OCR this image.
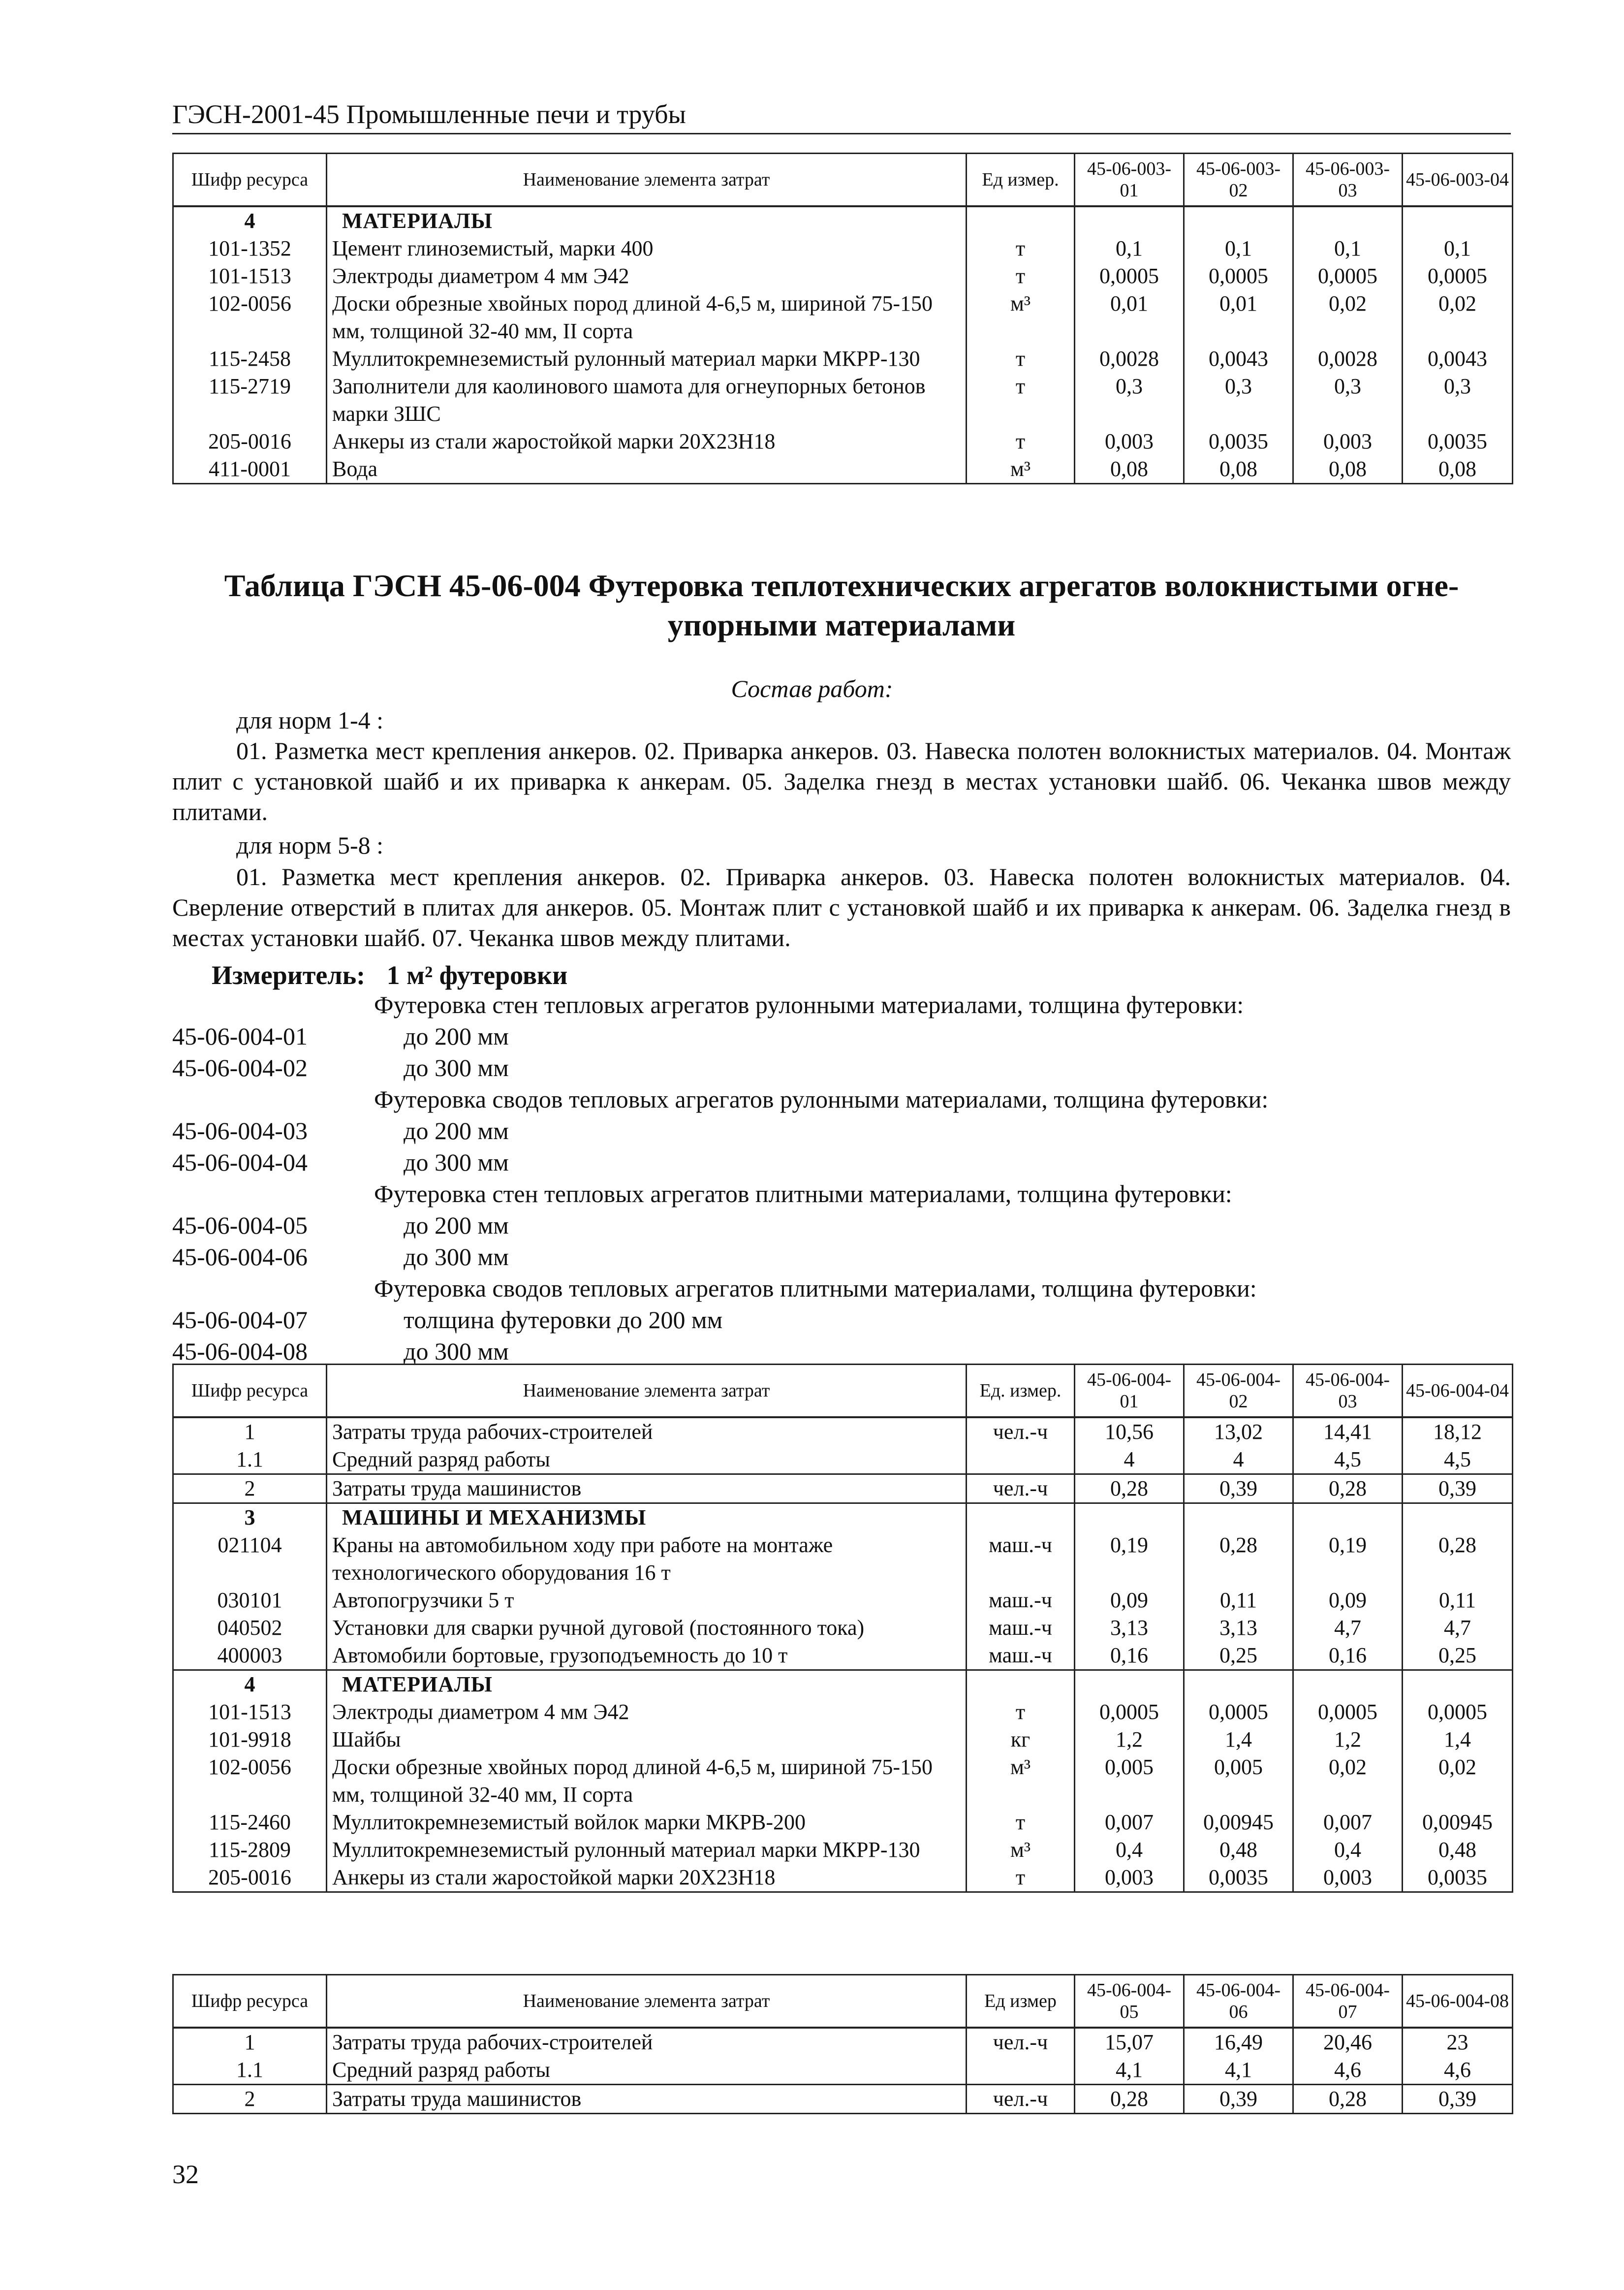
ГЭСН-2001-45 Промышленные печи и трубы
Шифр ресурса	Наименование элемента затрат	Ед измер.	45-06-003-01	45-06-003-02	45-06-003-03	45-06-003-04
4	МАТЕРИАЛЫ					
101-1352	Цемент глиноземистый, марки 400	т	0,1	0,1	0,1	0,1
101-1513	Электроды диаметром 4 мм Э42	т	0,0005	0,0005	0,0005	0,0005
102-0056	Доски обрезные хвойных пород длиной 4-6,5 м, шириной 75-150 мм, толщиной 32-40 мм, II сорта	м³	0,01	0,01	0,02	0,02
115-2458	Муллитокремнеземистый рулонный материал марки МКРР-130	т	0,0028	0,0043	0,0028	0,0043
115-2719	Заполнители для каолинового шамота для огнеупорных бетонов марки ЗШС	т	0,3	0,3	0,3	0,3
205-0016	Анкеры из стали жаростойкой марки 20Х23Н18	т	0,003	0,0035	0,003	0,0035
411-0001	Вода	м³	0,08	0,08	0,08	0,08
Таблица ГЭСН 45-06-004 Футеровка теплотехнических агрегатов волокнистыми огне-
упорными материалами
Состав работ:
для норм 1-4 :
01. Разметка мест крепления анкеров. 02. Приварка анкеров. 03. Навеска полотен волокнистых материалов. 04. Монтаж плит с установкой шайб и их приварка к анкерам. 05. Заделка гнезд в местах установки шайб. 06. Чеканка швов между плитами.
для норм 5-8 :
01. Разметка мест крепления анкеров. 02. Приварка анкеров. 03. Навеска полотен волокнистых материалов. 04. Сверление отверстий в плитах для анкеров. 05. Монтаж плит с установкой шайб и их приварка к анкерам. 06. Заделка гнезд в местах установки шайб. 07. Чеканка швов между плитами.
Измеритель: 1 м² футеровки
Футеровка стен тепловых агрегатов рулонными материалами, толщина футеровки:
45-06-004-01	до 200 мм
45-06-004-02	до 300 мм
Футеровка сводов тепловых агрегатов рулонными материалами, толщина футеровки:
45-06-004-03	до 200 мм
45-06-004-04	до 300 мм
Футеровка стен тепловых агрегатов плитными материалами, толщина футеровки:
45-06-004-05	до 200 мм
45-06-004-06	до 300 мм
Футеровка сводов тепловых агрегатов плитными материалами, толщина футеровки:
45-06-004-07	толщина футеровки до 200 мм
45-06-004-08	до 300 мм
Шифр ресурса	Наименование элемента затрат	Ед. измер.	45-06-004-01	45-06-004-02	45-06-004-03	45-06-004-04
1	Затраты труда рабочих-строителей	чел.-ч	10,56	13,02	14,41	18,12
1.1	Средний разряд работы		4	4	4,5	4,5
2	Затраты труда машинистов	чел.-ч	0,28	0,39	0,28	0,39
3	МАШИНЫ И МЕХАНИЗМЫ					
021104	Краны на автомобильном ходу при работе на монтаже технологического оборудования 16 т	маш.-ч	0,19	0,28	0,19	0,28
030101	Автопогрузчики 5 т	маш.-ч	0,09	0,11	0,09	0,11
040502	Установки для сварки ручной дуговой (постоянного тока)	маш.-ч	3,13	3,13	4,7	4,7
400003	Автомобили бортовые, грузоподъемность до 10 т	маш.-ч	0,16	0,25	0,16	0,25
4	МАТЕРИАЛЫ					
101-1513	Электроды диаметром 4 мм Э42	т	0,0005	0,0005	0,0005	0,0005
101-9918	Шайбы	кг	1,2	1,4	1,2	1,4
102-0056	Доски обрезные хвойных пород длиной 4-6,5 м, шириной 75-150 мм, толщиной 32-40 мм, II сорта	м³	0,005	0,005	0,02	0,02
115-2460	Муллитокремнеземистый войлок марки МКРВ-200	т	0,007	0,00945	0,007	0,00945
115-2809	Муллитокремнеземистый рулонный материал марки МКРР-130	м³	0,4	0,48	0,4	0,48
205-0016	Анкеры из стали жаростойкой марки 20Х23Н18	т	0,003	0,0035	0,003	0,0035
Шифр ресурса	Наименование элемента затрат	Ед измер	45-06-004-05	45-06-004-06	45-06-004-07	45-06-004-08
1	Затраты труда рабочих-строителей	чел.-ч	15,07	16,49	20,46	23
1.1	Средний разряд работы		4,1	4,1	4,6	4,6
2	Затраты труда машинистов	чел.-ч	0,28	0,39	0,28	0,39
32
